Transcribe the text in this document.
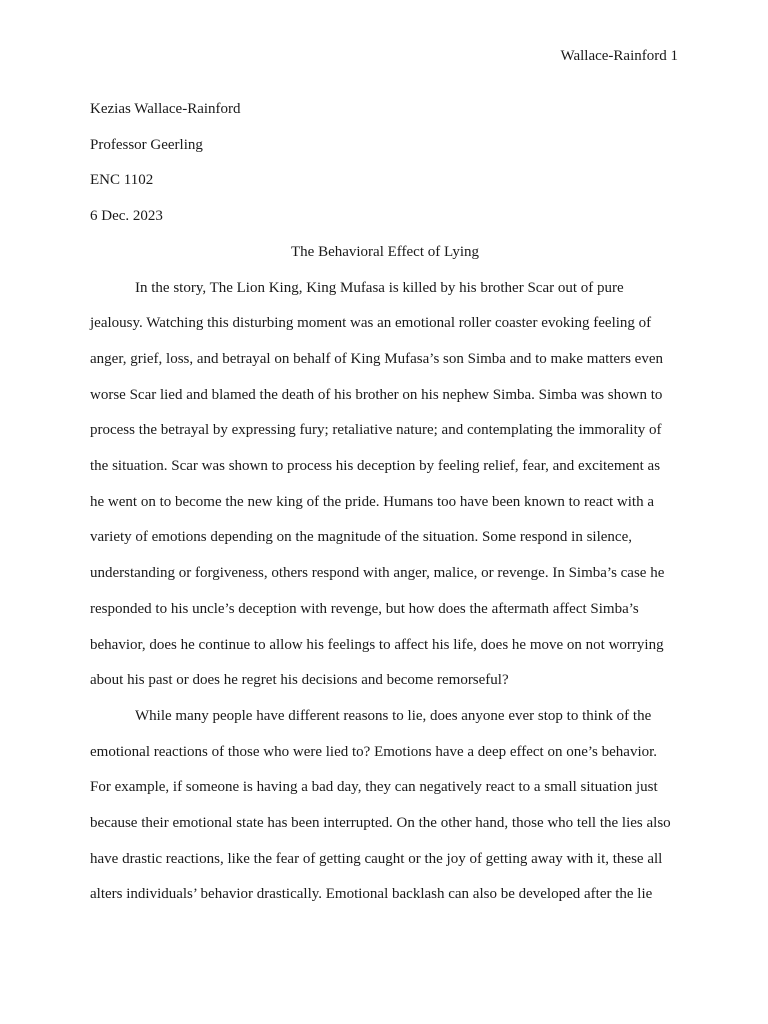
Wallace-Rainford 1

Kezias Wallace-Rainford

Professor Geerling

ENC 1102

6 Dec. 2023

The Behavioral Effect of Lying

In the story, The Lion King, King Mufasa is killed by his brother Scar out of pure
jealousy. Watching this disturbing moment was an emotional roller coaster evoking feeling of
anger, grief, loss, and betrayal on behalf of King Mufasa’s son Simba and to make matters even
worse Scar lied and blamed the death of his brother on his nephew Simba. Simba was shown to
process the betrayal by expressing fury; retaliative nature; and contemplating the immorality of
the situation. Scar was shown to process his deception by feeling relief, fear, and excitement as
he went on to become the new king of the pride. Humans too have been known to react with a
variety of emotions depending on the magnitude of the situation. Some respond in silence,
understanding or forgiveness, others respond with anger, malice, or revenge. In Simba’s case he
responded to his uncle’s deception with revenge, but how does the aftermath affect Simba’s
behavior, does he continue to allow his feelings to affect his life, does he move on not worrying
about his past or does he regret his decisions and become remorseful?

While many people have different reasons to lie, does anyone ever stop to think of the
emotional reactions of those who were lied to? Emotions have a deep effect on one’s behavior.
For example, if someone is having a bad day, they can negatively react to a small situation just
because their emotional state has been interrupted. On the other hand, those who tell the lies also
have drastic reactions, like the fear of getting caught or the joy of getting away with it, these all
alters individuals’ behavior drastically. Emotional backlash can also be developed after the lie
